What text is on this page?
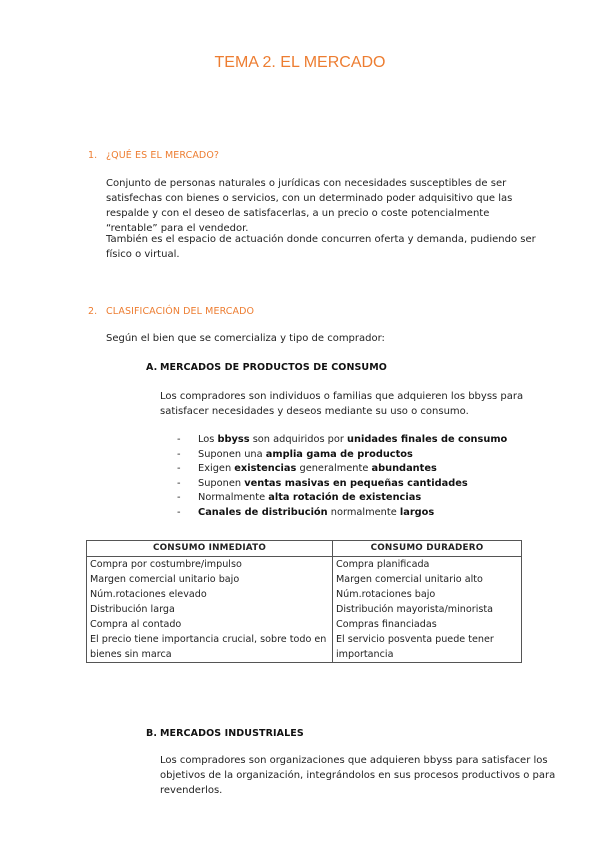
TEMA 2. EL MERCADO
1. ¿QUÉ ES EL MERCADO?

Conjunto de personas naturales o jurídicas con necesidades susceptibles de ser satisfechas con bienes o servicios, con un determinado poder adquisitivo que las respalde y con el deseo de satisfacerlas, a un precio o coste potencialmente “rentable” para el vendedor.

También es el espacio de actuación donde concurren oferta y demanda, pudiendo ser físico o virtual.

2. CLASIFICACIÓN DEL MERCADO

Según el bien que se comercializa y tipo de comprador:

A. MERCADOS DE PRODUCTOS DE CONSUMO

Los compradores son individuos o familias que adquieren los bbyss para satisfacer necesidades y deseos mediante su uso o consumo.

- Los bbyss son adquiridos por unidades finales de consumo
- Suponen una amplia gama de productos
- Exigen existencias generalmente abundantes
- Suponen ventas masivas en pequeñas cantidades
- Normalmente alta rotación de existencias
- Canales de distribución normalmente largos
CONSUMO INMEDIATO	CONSUMO DURADERO
Compra por costumbre/impulso	Compra planificada
Margen comercial unitario bajo	Margen comercial unitario alto
Núm.rotaciones elevado	Núm.rotaciones bajo
Distribución larga	Distribución mayorista/minorista
Compra al contado	Compras financiadas
El precio tiene importancia crucial, sobre todo en bienes sin marca	El servicio posventa puede tener importancia
B. MERCADOS INDUSTRIALES

Los compradores son organizaciones que adquieren bbyss para satisfacer los objetivos de la organización, integrándolos en sus procesos productivos o para revenderlos.
